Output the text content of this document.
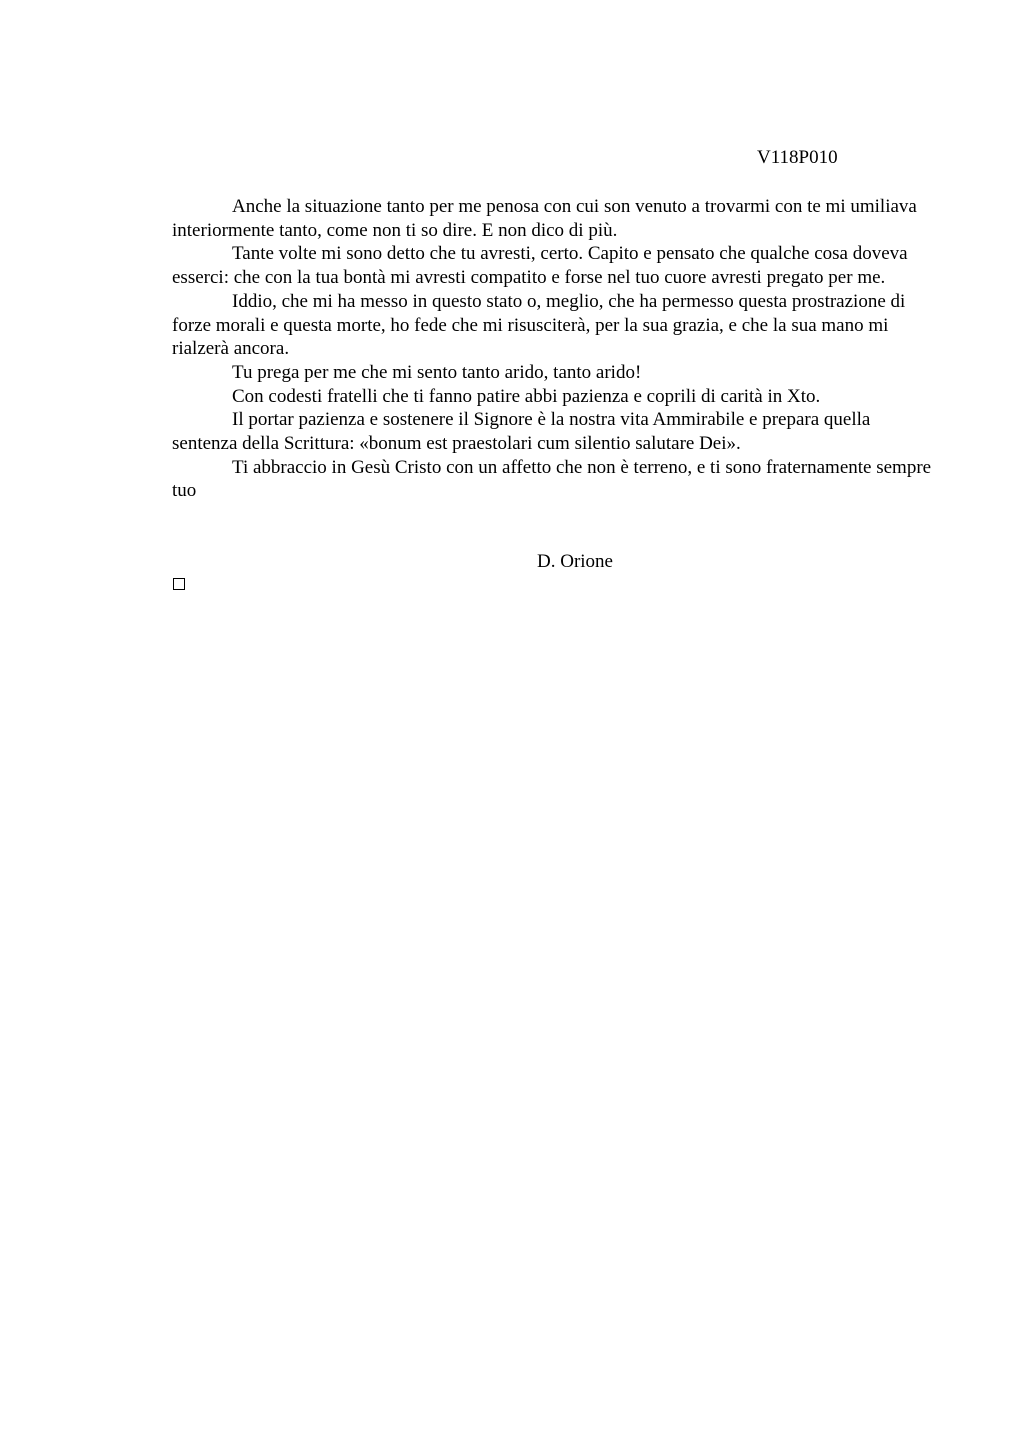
V118P010

Anche la situazione tanto per me penosa con cui son venuto a trovarmi con te mi umiliava interiormente tanto, come non ti so dire. E non dico di più.

Tante volte mi sono detto che tu avresti, certo. Capito e pensato che qualche cosa doveva esserci: che con la tua bontà mi avresti compatito e forse nel tuo cuore avresti pregato per me.

Iddio, che mi ha messo in questo stato o, meglio, che ha permesso questa prostrazione di forze morali e questa morte, ho fede che mi risusciterà, per la sua grazia, e che la sua mano mi rialzerà ancora.

Tu prega per me che mi sento tanto arido, tanto arido!

Con codesti fratelli che ti fanno patire abbi pazienza e coprili di carità in Xto.

Il portar pazienza e sostenere il Signore è la nostra vita Ammirabile e prepara quella sentenza della Scrittura: «bonum est praestolari cum silentio salutare Dei».

Ti abbraccio in Gesù Cristo con un affetto che non è terreno, e ti sono fraternamente sempre tuo

D. Orione
